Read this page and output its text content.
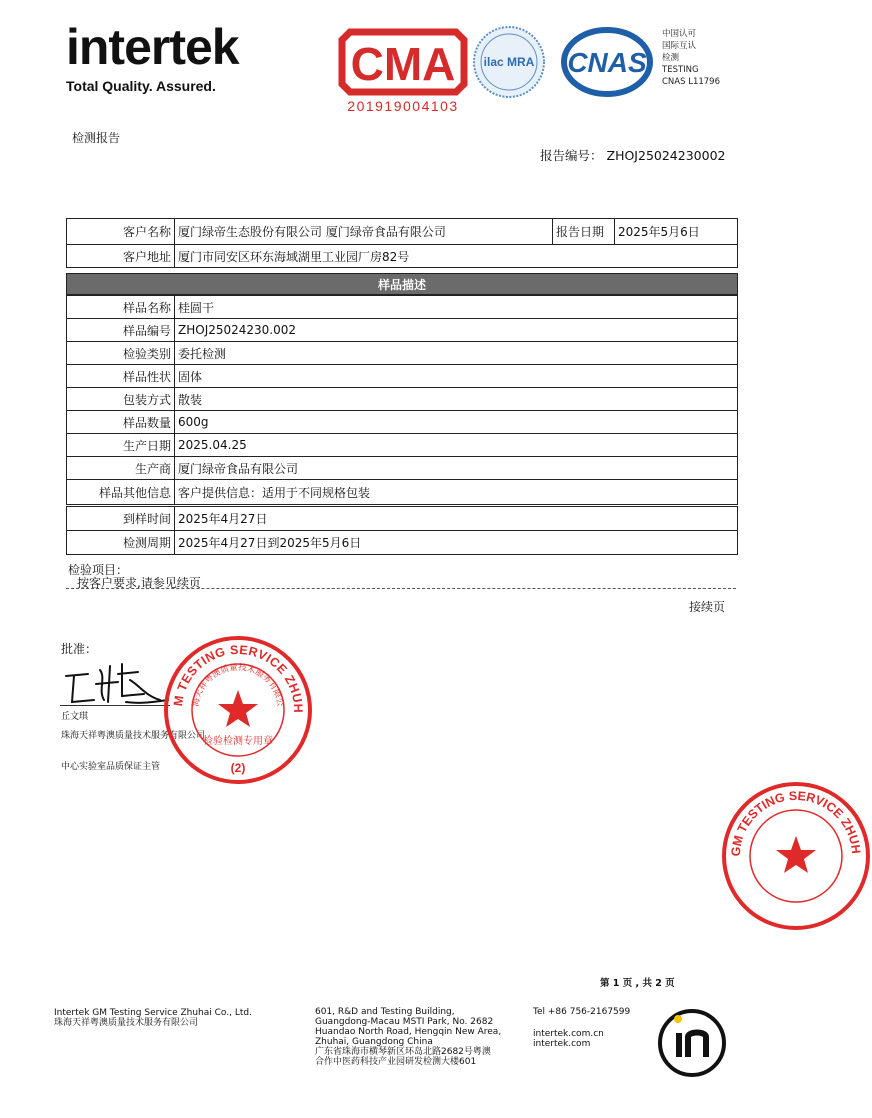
intertek
Total Quality. Assured.	CMA
201919004103
ilac MRA CNAS
中国认可
国际互认
检测
TESTING
CNAS L11796
检测报告
报告编号： ZHOJ25024230002
客户名称	厦门绿帝生态股份有限公司 厦门绿帝食品有限公司	报告日期	2025年5月6日
客户地址	厦门市同安区环东海域湖里工业园厂房82号		
样品描述
样品名称	桂圆干
样品编号	ZHOJ25024230.002
检验类别	委托检测
样品性状	固体
包装方式	散装
样品数量	600g
生产日期	2025.04.25
生产商	厦门绿帝食品有限公司
样品其他信息	客户提供信息：适用于不同规格包装
到样时间	2025年4月27日
检测周期	2025年4月27日到2025年5月6日
检验项目：
按客户要求,请参见续页
接续页
批准：
丘文琪
珠海天祥粤澳质量技术服务有限公司
中心实验室品质保证主管
M TESTING SERVICE ZHUH
海天祥粤澳质量技术服务有限公
检验检测专用章
(2)
GM TESTING SERVICE ZHUH
第 1 页 , 共 2 页
Intertek GM Testing Service Zhuhai Co., Ltd.
珠海天祥粤澳质量技术服务有限公司
601, R&D and Testing Building,
Guangdong-Macau MSTI Park, No. 2682
Huandao North Road, Hengqin New Area,
Zhuhai, Guangdong China
广东省珠海市横琴新区环岛北路2682号粤澳
合作中医药科技产业园研发检测大楼601
Tel +86 756-2167599
intertek.com.cn
intertek.com
